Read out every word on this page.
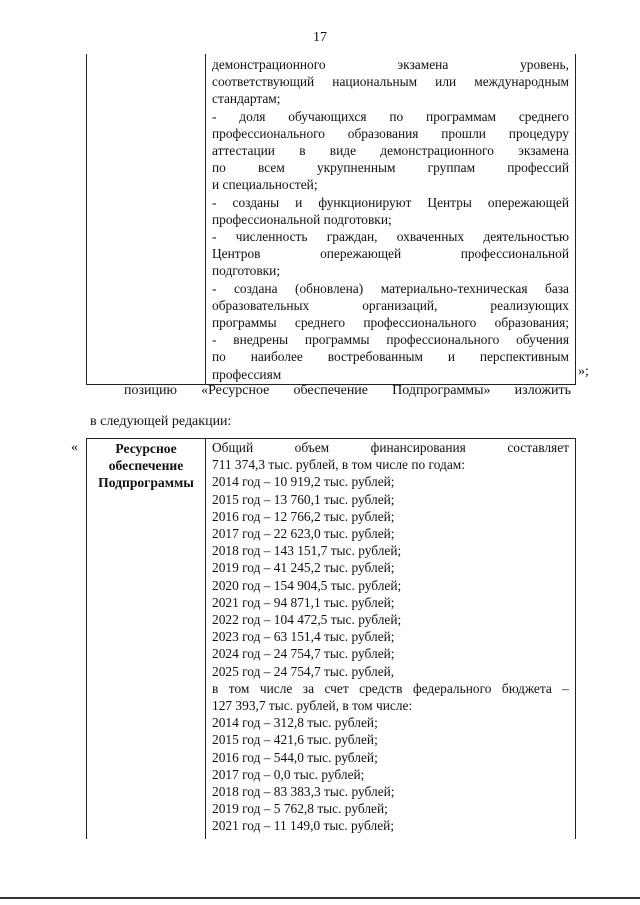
17

демонстрационного экзамена уровень,

соответствующий национальным или международным

стандартам;

- доля обучающихся по программам среднего

профессионального образования прошли процедуру

аттестации в виде демонстрационного экзамена

по всем укрупненным группам профессий

и специальностей;

- созданы и функционируют Центры опережающей

профессиональной подготовки;

- численность граждан, охваченных деятельностью

Центров опережающей профессиональной

подготовки;

- создана (обновлена) материально-техническая база

образовательных организаций, реализующих

программы среднего профессионального образования;

- внедрены программы профессионального обучения

по наиболее востребованным и перспективным

профессиям	»;
позицию «Ресурсное обеспечение Подпрограммы» изложить
в следующей редакции:
«	Ресурсное
обеспечение
Подпрограммы

Общий объем финансирования составляет

711 374,3 тыс. рублей, в том числе по годам:

2014 год – 10 919,2 тыс. рублей;

2015 год – 13 760,1 тыс. рублей;

2016 год – 12 766,2 тыс. рублей;

2017 год – 22 623,0 тыс. рублей;

2018 год – 143 151,7 тыс. рублей;

2019 год – 41 245,2 тыс. рублей;

2020 год – 154 904,5 тыс. рублей;

2021 год – 94 871,1 тыс. рублей;

2022 год – 104 472,5 тыс. рублей;

2023 год – 63 151,4 тыс. рублей;

2024 год – 24 754,7 тыс. рублей;

2025 год – 24 754,7 тыс. рублей,

в том числе за счет средств федерального бюджета –

127 393,7 тыс. рублей, в том числе:

2014 год – 312,8 тыс. рублей;

2015 год – 421,6 тыс. рублей;

2016 год – 544,0 тыс. рублей;

2017 год – 0,0 тыс. рублей;

2018 год – 83 383,3 тыс. рублей;

2019 год – 5 762,8 тыс. рублей;

2021 год – 11 149,0 тыс. рублей;
